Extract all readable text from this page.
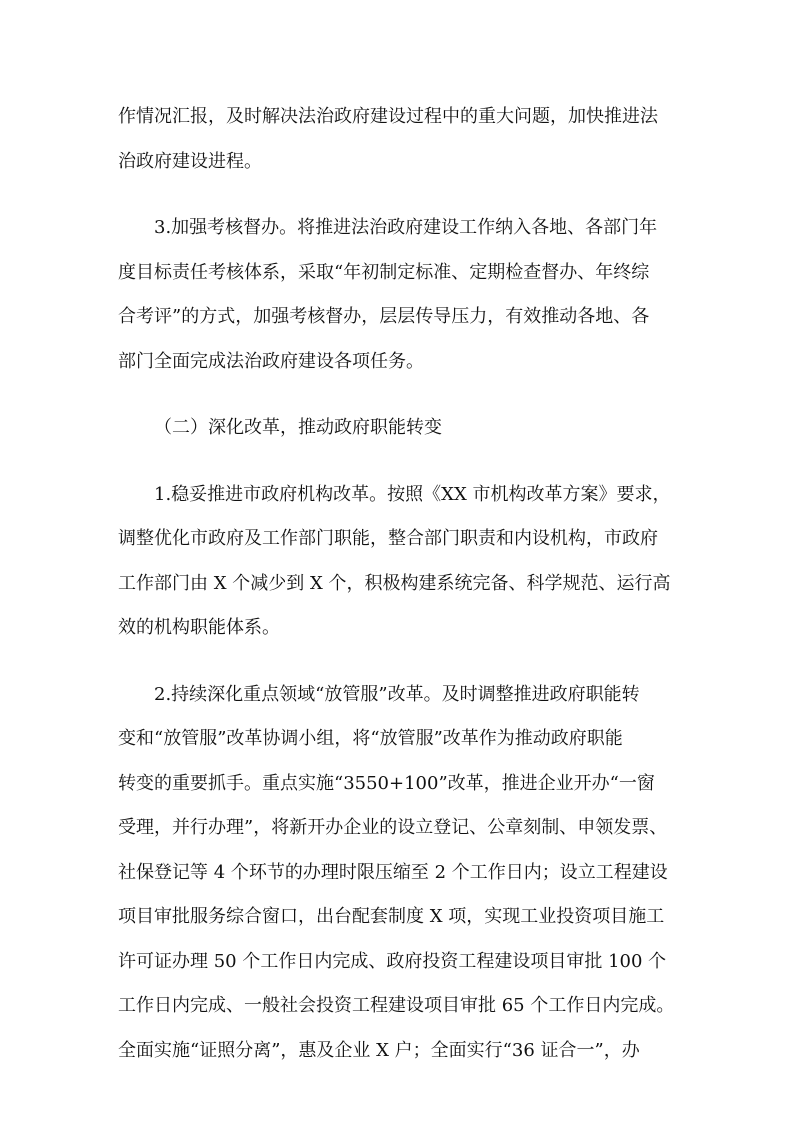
作情况汇报，及时解决法治政府建设过程中的重大问题，加快推进法

治政府建设进程。

3.加强考核督办。将推进法治政府建设工作纳入各地、各部门年

度目标责任考核体系，采取“年初制定标准、定期检查督办、年终综

合考评”的方式，加强考核督办，层层传导压力，有效推动各地、各

部门全面完成法治政府建设各项任务。

（二）深化改革，推动政府职能转变

1.稳妥推进市政府机构改革。按照《XX 市机构改革方案》要求，

调整优化市政府及工作部门职能，整合部门职责和内设机构，市政府

工作部门由 X 个减少到 X 个，积极构建系统完备、科学规范、运行高

效的机构职能体系。

2.持续深化重点领域“放管服”改革。及时调整推进政府职能转

变和“放管服”改革协调小组，将“放管服”改革作为推动政府职能

转变的重要抓手。重点实施“3550+100”改革，推进企业开办“一窗

受理，并行办理”，将新开办企业的设立登记、公章刻制、申领发票、

社保登记等 4 个环节的办理时限压缩至 2 个工作日内；设立工程建设

项目审批服务综合窗口，出台配套制度 X 项，实现工业投资项目施工

许可证办理 50 个工作日内完成、政府投资工程建设项目审批 100 个

工作日内完成、一般社会投资工程建设项目审批 65 个工作日内完成。

全面实施“证照分离”，惠及企业 X 户；全面实行“36 证合一”，办
